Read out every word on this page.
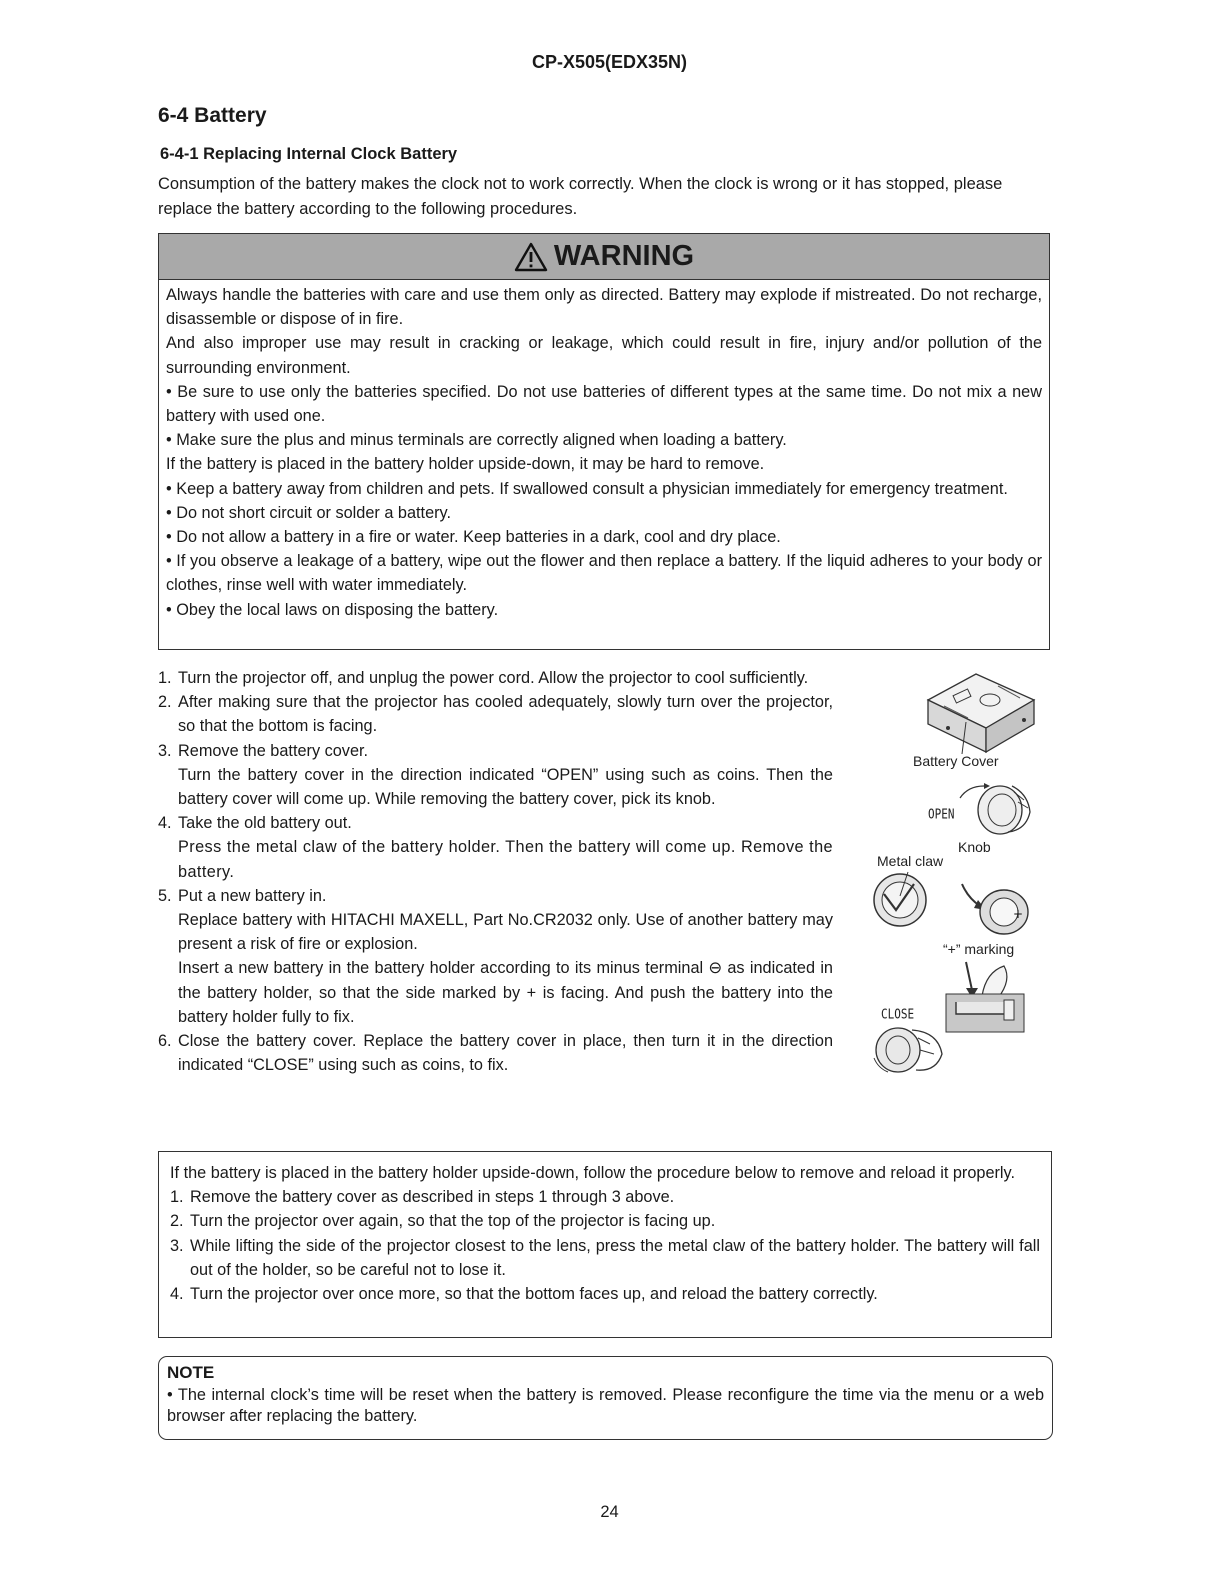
CP-X505(EDX35N)
6-4 Battery
6-4-1 Replacing Internal Clock Battery
Consumption of the battery makes the clock not to work correctly. When the clock is wrong or it has stopped, please replace the battery according to the following procedures.
WARNING

Always handle the batteries with care and use them only as directed. Battery may explode if mistreated. Do not recharge, disassemble or dispose of in fire.

And also improper use may result in cracking or leakage, which could result in fire, injury and/or pollution of the surrounding environment.

• Be sure to use only the batteries specified. Do not use batteries of different types at the same time. Do not mix a new battery with used one.

• Make sure the plus and minus terminals are correctly aligned when loading a battery.

If the battery is placed in the battery holder upside-down, it may be hard to remove.

• Keep a battery away from children and pets. If swallowed consult a physician immediately for emergency treatment.

• Do not short circuit or solder a battery.

• Do not allow a battery in a fire or water. Keep batteries in a dark, cool and dry place.

• If you observe a leakage of a battery, wipe out the flower and then replace a battery. If the liquid adheres to your body or clothes, rinse well with water immediately.

• Obey the local laws on disposing the battery.

1. Turn the projector off, and unplug the power cord. Allow the projector to cool sufficiently.
2. After making sure that the projector has cooled adequately, slowly turn over the projector, so that the bottom is facing.
3. Remove the battery cover.
Turn the battery cover in the direction indicated “OPEN” using such as coins. Then the battery cover will come up. While removing the battery cover, pick its knob.
4. Take the old battery out.
Press the metal claw of the battery holder. Then the battery will come up. Remove the battery.
5. Put a new battery in.
Replace battery with HITACHI MAXELL, Part No.CR2032 only. Use of another battery may present a risk of fire or explosion.
Insert a new battery in the battery holder according to its minus terminal ⊖ as indicated in the battery holder, so that the side marked by + is facing. And push the battery into the battery holder fully to fix.
6. Close the battery cover. Replace the battery cover in place, then turn it in the direction indicated “CLOSE” using such as coins, to fix.
Battery Cover
OPEN
Knob
Metal claw
+
“+” marking
CLOSE

If the battery is placed in the battery holder upside-down, follow the procedure below to remove and reload it properly.

1. Remove the battery cover as described in steps 1 through 3 above.
2. Turn the projector over again, so that the top of the projector is facing up.
3. While lifting the side of the projector closest to the lens, press the metal claw of the battery holder. The battery will fall out of the holder, so be careful not to lose it.
4. Turn the projector over once more, so that the bottom faces up, and reload the battery correctly.
NOTE

• The internal clock’s time will be reset when the battery is removed. Please reconfigure the time via the menu or a web browser after replacing the battery.

24
